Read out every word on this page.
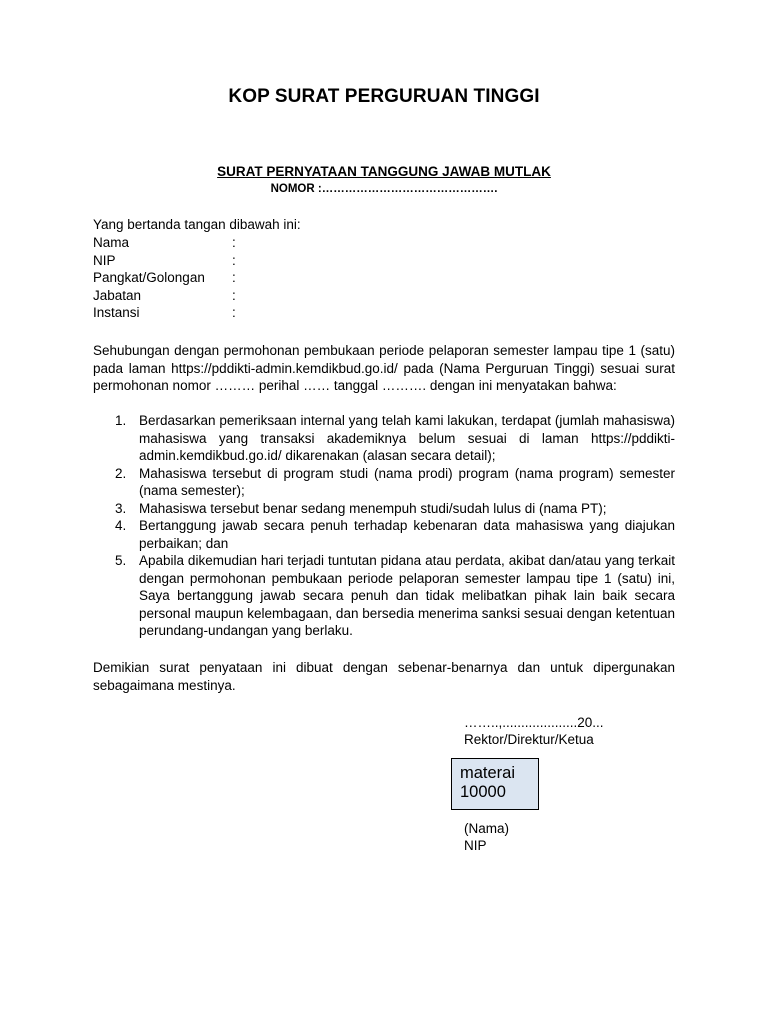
KOP SURAT PERGURUAN TINGGI
SURAT PERNYATAAN TANGGUNG JAWAB MUTLAK
NOMOR :……………………………………….
Yang bertanda tangan dibawah ini:
Nama	:
NIP	:
Pangkat/Golongan :
Jabatan	:
Instansi	:
Sehubungan dengan permohonan pembukaan periode pelaporan semester lampau tipe 1 (satu) pada laman https://pddikti-admin.kemdikbud.go.id/ pada (Nama Perguruan Tinggi) sesuai surat permohonan nomor ……… perihal …… tanggal ………. dengan ini menyatakan bahwa:
1. Berdasarkan pemeriksaan internal yang telah kami lakukan, terdapat (jumlah mahasiswa) mahasiswa yang transaksi akademiknya belum sesuai di laman https://pddikti-admin.kemdikbud.go.id/ dikarenakan (alasan secara detail);
2. Mahasiswa tersebut di program studi (nama prodi) program (nama program) semester (nama semester);
3. Mahasiswa tersebut benar sedang menempuh studi/sudah lulus di (nama PT);
4. Bertanggung jawab secara penuh terhadap kebenaran data mahasiswa yang diajukan perbaikan; dan
5. Apabila dikemudian hari terjadi tuntutan pidana atau perdata, akibat dan/atau yang terkait dengan permohonan pembukaan periode pelaporan semester lampau tipe 1 (satu) ini, Saya bertanggung jawab secara penuh dan tidak melibatkan pihak lain baik secara personal maupun kelembagaan, dan bersedia menerima sanksi sesuai dengan ketentuan perundang-undangan yang berlaku.
Demikian surat penyataan ini dibuat dengan sebenar-benarnya dan untuk dipergunakan sebagaimana mestinya.
……..,....................20...
Rektor/Direktur/Ketua
materai
10000
(Nama)
NIP
